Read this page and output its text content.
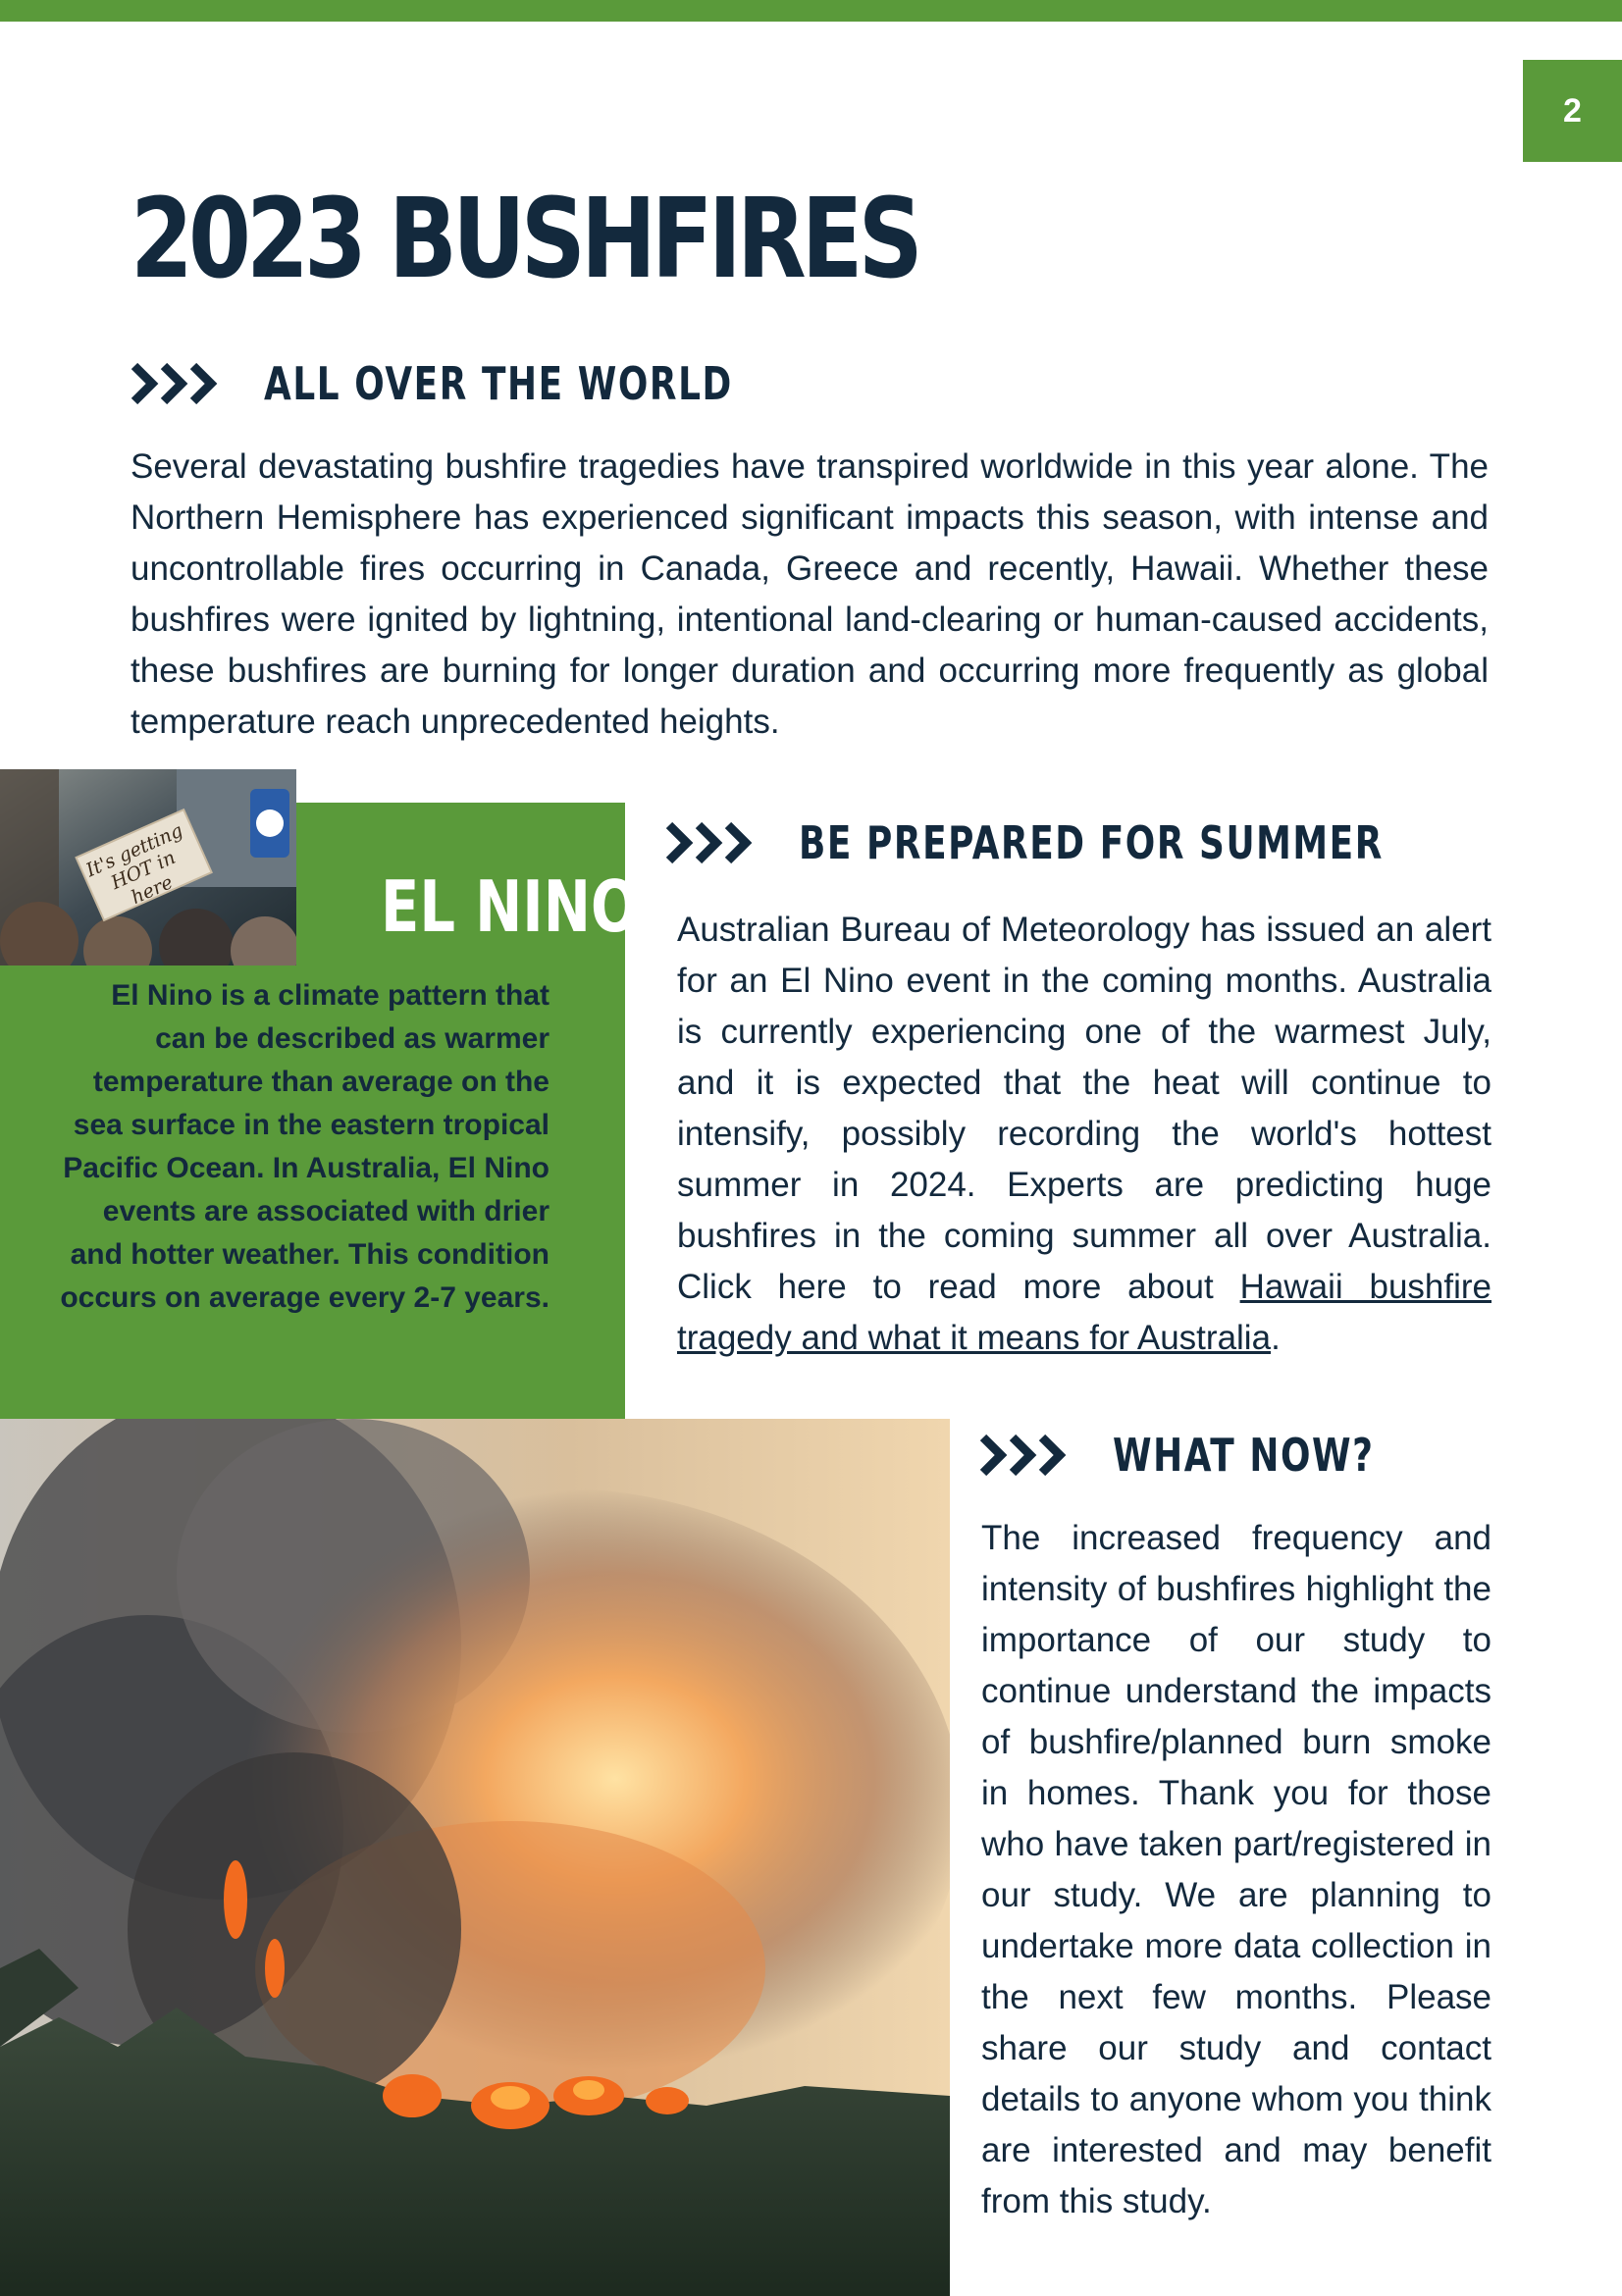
2
2023 BUSHFIRES
ALL OVER THE WORLD

Several devastating bushfire tragedies have transpired worldwide in this year alone. The Northern Hemisphere has experienced significant impacts this season, with intense and uncontrollable fires occurring in Canada, Greece and recently, Hawaii. Whether these bushfires were ignited by lightning, intentional land-clearing or human-caused accidents, these bushfires are burning for longer duration and occurring more frequently as global temperature reach unprecedented heights.

It's getting HOT in here	EL NINO

El Nino is a climate pattern that can be described as warmer temperature than average on the sea surface in the eastern tropical Pacific Ocean. In Australia, El Nino events are associated with drier and hotter weather. This condition occurs on average every 2-7 years.

BE PREPARED FOR SUMMER

Australian Bureau of Meteorology has issued an alert for an El Nino event in the coming months. Australia is currently experiencing one of the warmest July, and it is expected that the heat will continue to intensify, possibly recording the world's hottest summer in 2024. Experts are predicting huge bushfires in the coming summer all over Australia. Click here to read more about Hawaii bushfire tragedy and what it means for Australia.

WHAT NOW?

The increased frequency and intensity of bushfires highlight the importance of our study to continue understand the impacts of bushfire/planned burn smoke in homes. Thank you for those who have taken part/registered in our study. We are planning to undertake more data collection in the next few months. Please share our study and contact details to anyone whom you think are interested and may benefit from this study.
